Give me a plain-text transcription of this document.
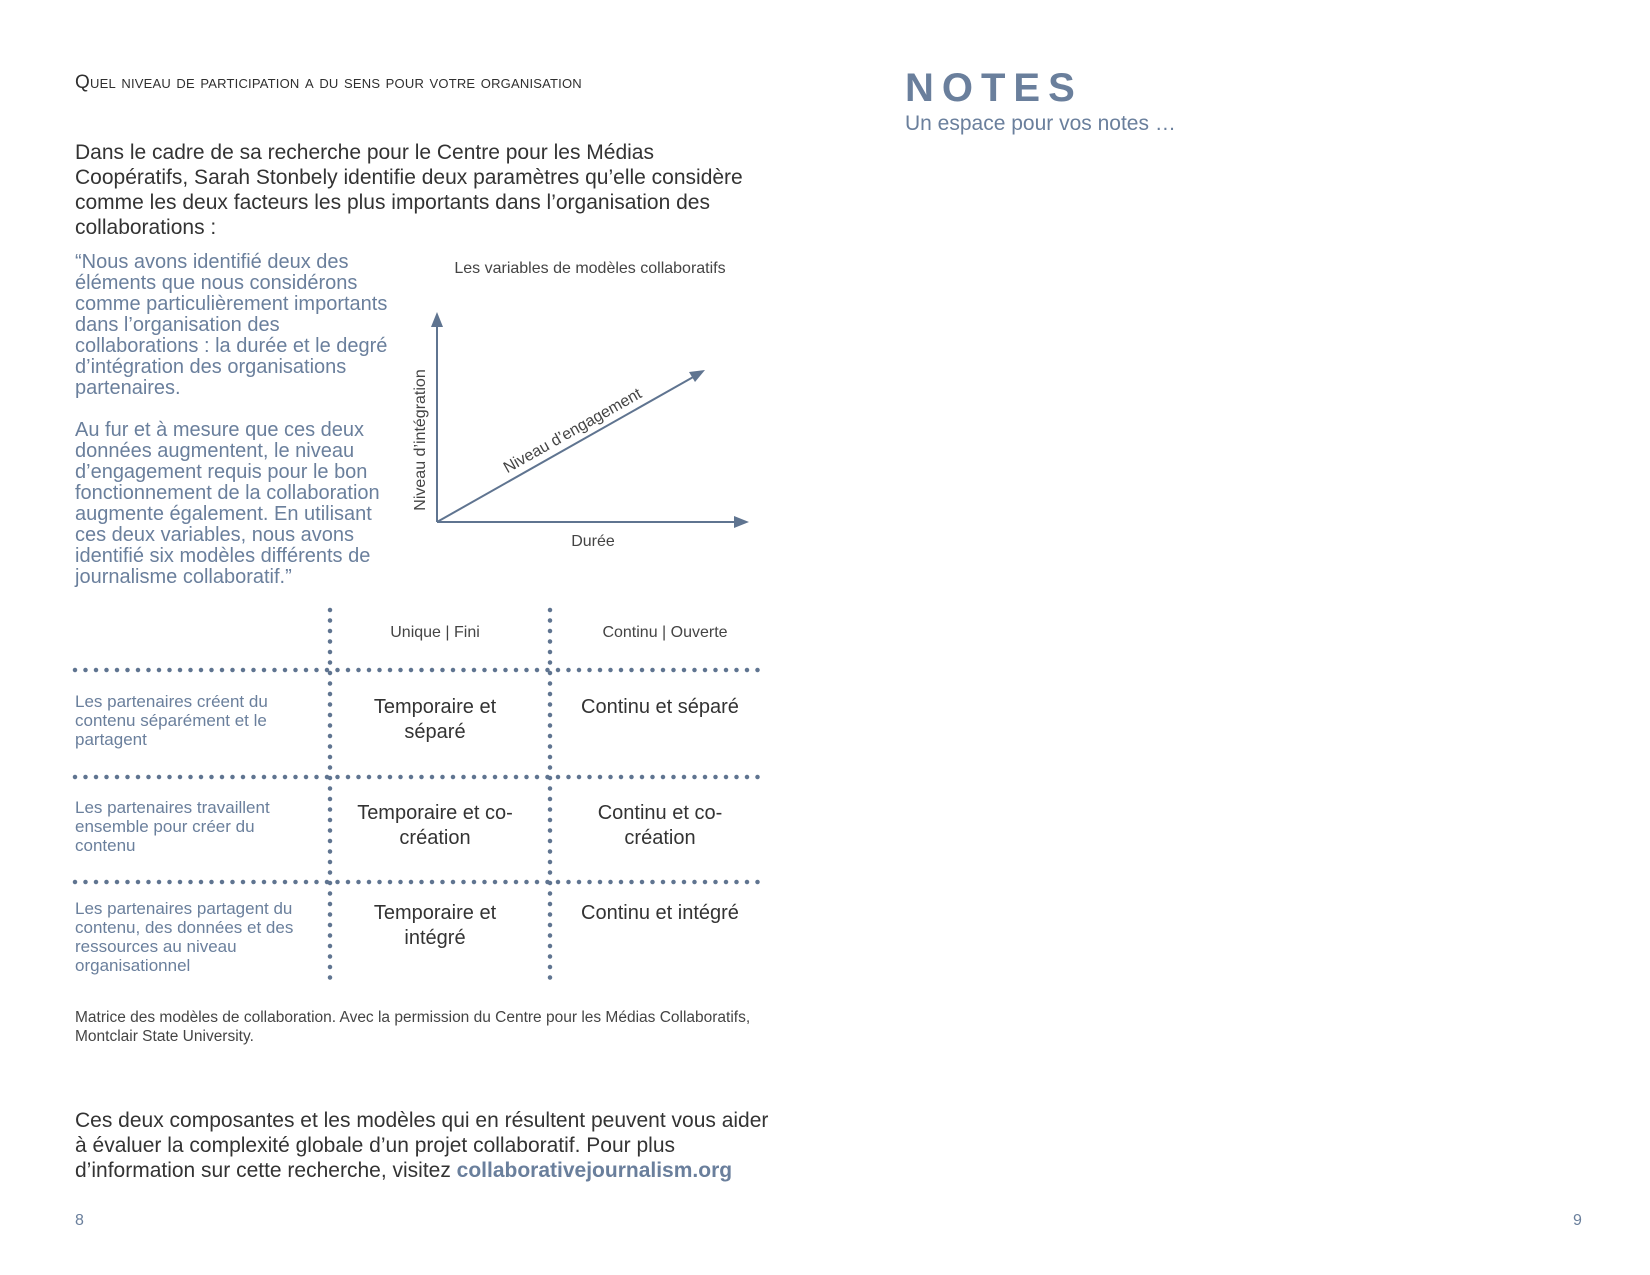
Quel niveau de participation a du sens pour votre organisation
Dans le cadre de sa recherche pour le Centre pour les Médias Coopératifs, Sarah Stonbely identifie deux paramètres qu’elle considère comme les deux facteurs les plus importants dans l’organisation des collaborations :

“Nous avons identifié deux des éléments que nous considérons comme particulièrement importants dans l’organisation des collaborations : la durée et le degré d’intégration des organisations partenaires.

Au fur et à mesure que ces deux données augmentent, le niveau d’engagement requis pour le bon fonctionnement de la collaboration augmente également. En utilisant ces deux variables, nous avons identifié six modèles différents de journalisme collaboratif.”

Les variables de modèles collaboratifs
Niveau d’intégration
Durée
Niveau d’engagement
Unique | Fini	Continu | Ouverte
Les partenaires créent du contenu séparément et le partagent
Temporaire et séparé
Continu et séparé
Les partenaires travaillent ensemble pour créer du contenu
Temporaire et co-création
Continu et co-création
Les partenaires partagent du contenu, des données et des ressources au niveau organisationnel
Temporaire et intégré
Continu et intégré
Matrice des modèles de collaboration. Avec la permission du Centre pour les Médias Collaboratifs, Montclair State University.
Ces deux composantes et les modèles qui en résultent peuvent vous aider à évaluer la complexité globale d’un projet collaboratif. Pour plus d’information sur cette recherche, visitez collaborativejournalism.org
8
NOTES
Un espace pour vos notes …
9
